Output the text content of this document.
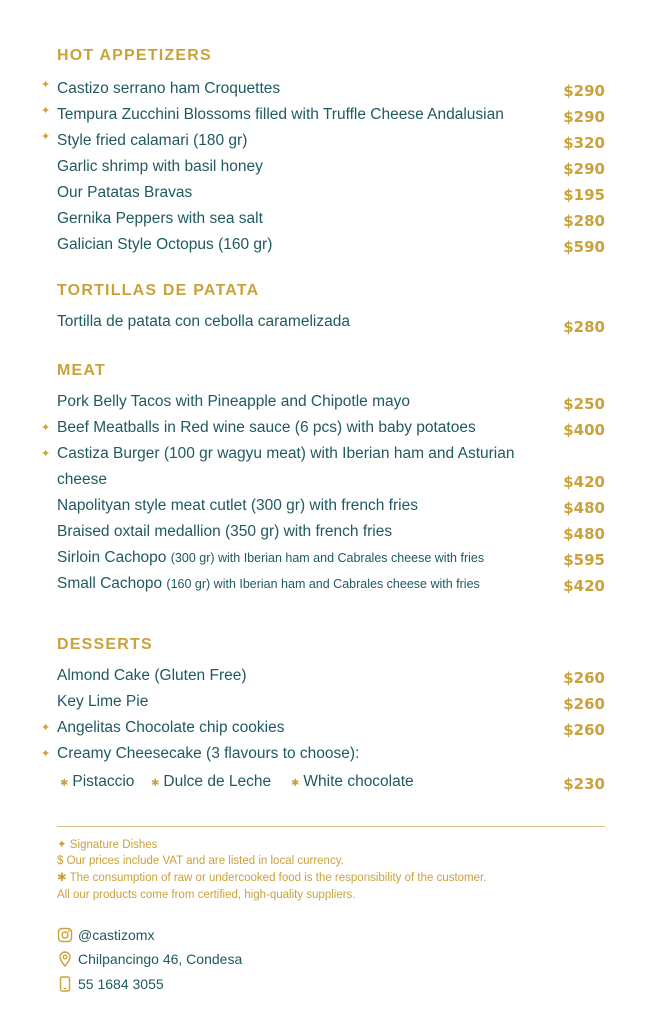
HOT APPETIZERS
✦ Castizo serrano ham Croquettes	$290
✦ Tempura Zucchini Blossoms filled with Truffle Cheese Andalusian	$290
✦ Style fried calamari (180 gr)	$320
Garlic shrimp with basil honey	$290
Our Patatas Bravas	$195
Gernika Peppers with sea salt	$280
Galician Style Octopus (160 gr)	$590
TORTILLAS DE PATATA
Tortilla de patata con cebolla caramelizada	$280
MEAT
Pork Belly Tacos with Pineapple and Chipotle mayo	$250
✦ Beef Meatballs in Red wine sauce (6 pcs) with baby potatoes	$400
✦ Castiza Burger (100 gr wagyu meat) with Iberian ham and Asturian
cheese	$420
Napolityan style meat cutlet (300 gr) with french fries	$480
Braised oxtail medallion (350 gr) with french fries	$480
Sirloin Cachopo (300 gr) with Iberian ham and Cabrales cheese with fries	$595
Small Cachopo (160 gr) with Iberian ham and Cabrales cheese with fries	$420
DESSERTS
Almond Cake (Gluten Free)	$260
Key Lime Pie	$260
✦ Angelitas Chocolate chip cookies	$260
✦ Creamy Cheesecake (3 flavours to choose):
✱ Pistaccio ✱ Dulce de Leche ✱ White chocolate	$230
✦ Signature Dishes
$ Our prices include VAT and are listed in local currency.
✱ The consumption of raw or undercooked food is the responsibility of the customer.
All our products come from certified, high-quality suppliers.
@castizomx
Chilpancingo 46, Condesa
55 1684 3055
